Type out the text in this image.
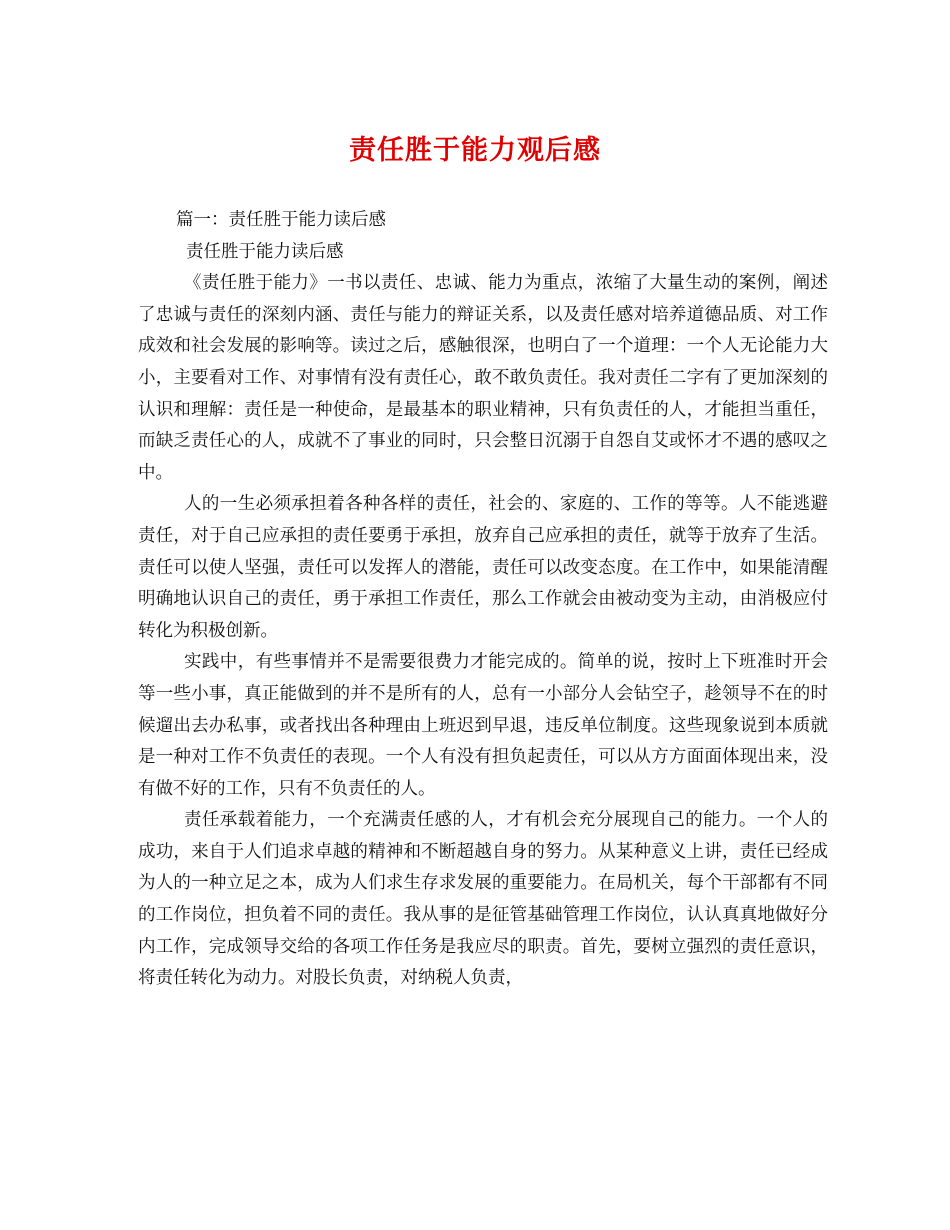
责任胜于能力观后感

篇一：责任胜于能力读后感

责任胜于能力读后感

《责任胜于能力》一书以责任、忠诚、能力为重点，浓缩了大量生动的案例，阐述了忠诚与责任的深刻内涵、责任与能力的辩证关系，以及责任感对培养道德品质、对工作成效和社会发展的影响等。读过之后，感触很深，也明白了一个道理：一个人无论能力大小，主要看对工作、对事情有没有责任心，敢不敢负责任。我对责任二字有了更加深刻的认识和理解：责任是一种使命，是最基本的职业精神，只有负责任的人，才能担当重任，而缺乏责任心的人，成就不了事业的同时，只会整日沉溺于自怨自艾或怀才不遇的感叹之中。

人的一生必须承担着各种各样的责任，社会的、家庭的、工作的等等。人不能逃避责任，对于自己应承担的责任要勇于承担，放弃自己应承担的责任，就等于放弃了生活。责任可以使人坚强，责任可以发挥人的潜能，责任可以改变态度。在工作中，如果能清醒明确地认识自己的责任，勇于承担工作责任，那么工作就会由被动变为主动，由消极应付转化为积极创新。

实践中，有些事情并不是需要很费力才能完成的。简单的说，按时上下班准时开会等一些小事，真正能做到的并不是所有的人，总有一小部分人会钻空子，趁领导不在的时候遛出去办私事，或者找出各种理由上班迟到早退，违反单位制度。这些现象说到本质就是一种对工作不负责任的表现。一个人有没有担负起责任，可以从方方面面体现出来，没有做不好的工作，只有不负责任的人。

责任承载着能力，一个充满责任感的人，才有机会充分展现自己的能力。一个人的成功，来自于人们追求卓越的精神和不断超越自身的努力。从某种意义上讲，责任已经成为人的一种立足之本，成为人们求生存求发展的重要能力。在局机关，每个干部都有不同的工作岗位，担负着不同的责任。我从事的是征管基础管理工作岗位，认认真真地做好分内工作，完成领导交给的各项工作任务是我应尽的职责。首先，要树立强烈的责任意识，将责任转化为动力。对股长负责，对纳税人负责，
